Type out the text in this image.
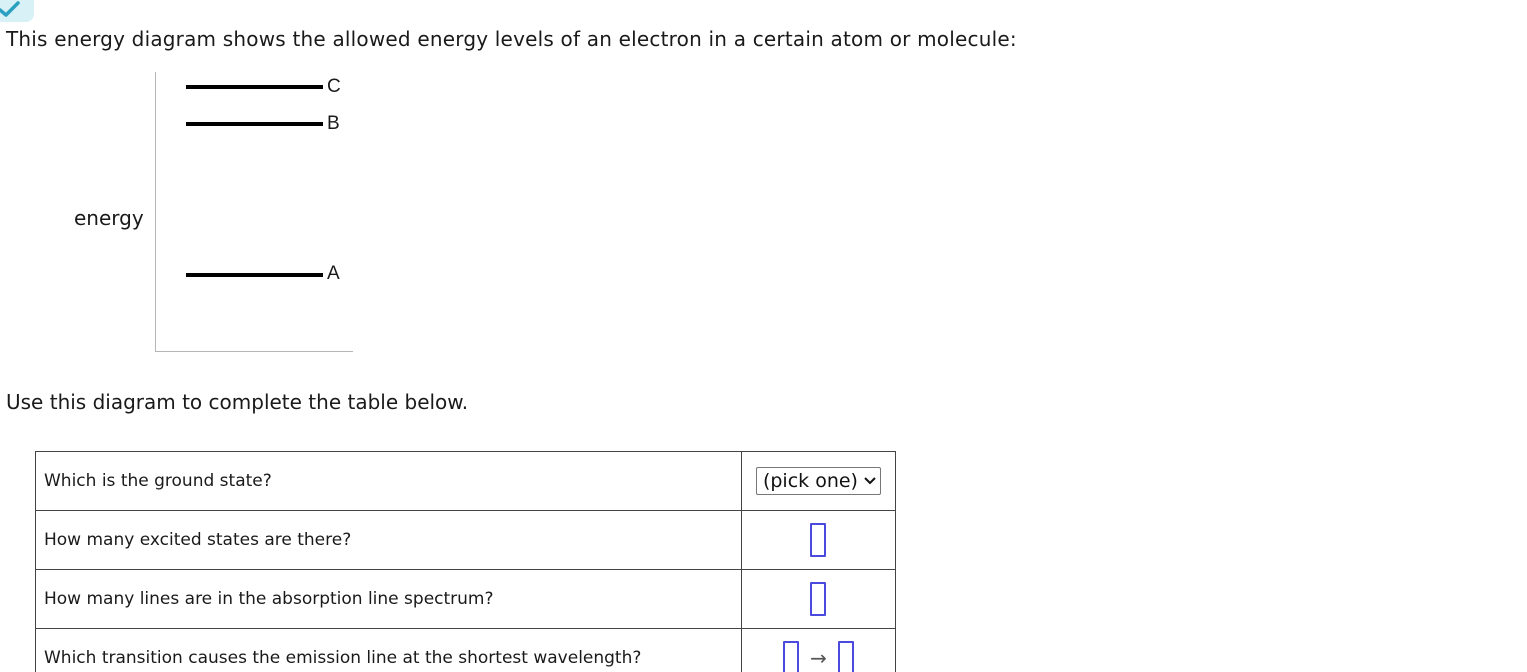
This energy diagram shows the allowed energy levels of an electron in a certain atom or molecule:
energy
C
B
A
Use this diagram to complete the table below.
Which is the ground state?	(pick one)

How many excited states are there?	
How many lines are in the absorption line spectrum?	
Which transition causes the emission line at the shortest wavelength?	→
